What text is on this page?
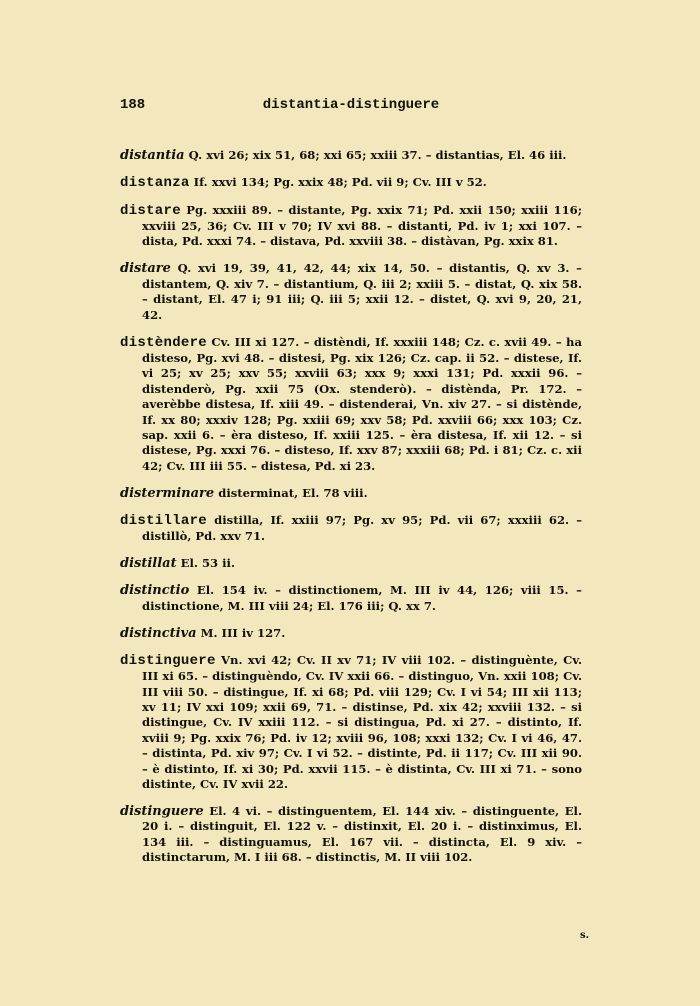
188	distantia-distinguere

distantia Q. xvi 26; xix 51, 68; xxi 65; xxiii 37. – distantias, El. 46 iii.

distanza If. xxvi 134; Pg. xxix 48; Pd. vii 9; Cv. III v 52.

distare Pg. xxxiii 89. – distante, Pg. xxix 71; Pd. xxii 150; xxiii 116; xxviii 25, 36; Cv. III v 70; IV xvi 88. – distanti, Pd. iv 1; xxi 107. – dista, Pd. xxxi 74. – distava, Pd. xxviii 38. – distàvan, Pg. xxix 81.

distare Q. xvi 19, 39, 41, 42, 44; xix 14, 50. – distantis, Q. xv 3. – distantem, Q. xiv 7. – distantium, Q. iii 2; xxiii 5. – distat, Q. xix 58. – distant, El. 47 i; 91 iii; Q. iii 5; xxii 12. – distet, Q. xvi 9, 20, 21, 42.

distèndere Cv. III xi 127. – distèndi, If. xxxiii 148; Cz. c. xvii 49. – ha disteso, Pg. xvi 48. – distesi, Pg. xix 126; Cz. cap. ii 52. – distese, If. vi 25; xv 25; xxv 55; xxviii 63; xxx 9; xxxi 131; Pd. xxxii 96. – distenderò, Pg. xxii 75 (Ox. stenderò). – distènda, Pr. 172. – averèbbe distesa, If. xiii 49. – distenderai, Vn. xiv 27. – si distènde, If. xx 80; xxxiv 128; Pg. xxiii 69; xxv 58; Pd. xxviii 66; xxx 103; Cz. sap. xxii 6. – èra disteso, If. xxiii 125. – èra distesa, If. xii 12. – si distese, Pg. xxxi 76. – disteso, If. xxv 87; xxxiii 68; Pd. i 81; Cz. c. xii 42; Cv. III iii 55. – distesa, Pd. xi 23.

disterminare disterminat, El. 78 viii.

distillare distilla, If. xxiii 97; Pg. xv 95; Pd. vii 67; xxxiii 62. – distillò, Pd. xxv 71.

distillat El. 53 ii.

distinctio El. 154 iv. – distinctionem, M. III iv 44, 126; viii 15. – distinctione, M. III viii 24; El. 176 iii; Q. xx 7.

distinctiva M. III iv 127.

distinguere Vn. xvi 42; Cv. II xv 71; IV viii 102. – distinguènte, Cv. III xi 65. – distinguèndo, Cv. IV xxii 66. – distinguo, Vn. xxii 108; Cv. III viii 50. – distingue, If. xi 68; Pd. viii 129; Cv. I vi 54; III xii 113; xv 11; IV xxi 109; xxii 69, 71. – distinse, Pd. xix 42; xxviii 132. – si distingue, Cv. IV xxiii 112. – si distingua, Pd. xi 27. – distinto, If. xviii 9; Pg. xxix 76; Pd. iv 12; xviii 96, 108; xxxi 132; Cv. I vi 46, 47. – distinta, Pd. xiv 97; Cv. I vi 52. – distinte, Pd. ii 117; Cv. III xii 90. – è distinto, If. xi 30; Pd. xxvii 115. – è distinta, Cv. III xi 71. – sono distinte, Cv. IV xvii 22.

distinguere El. 4 vi. – distinguentem, El. 144 xiv. – distinguente, El. 20 i. – distinguit, El. 122 v. – distinxit, El. 20 i. – distinximus, El. 134 iii. – distinguamus, El. 167 vii. – distincta, El. 9 xiv. – distinctarum, M. I iii 68. – distinctis, M. II viii 102.

s.
